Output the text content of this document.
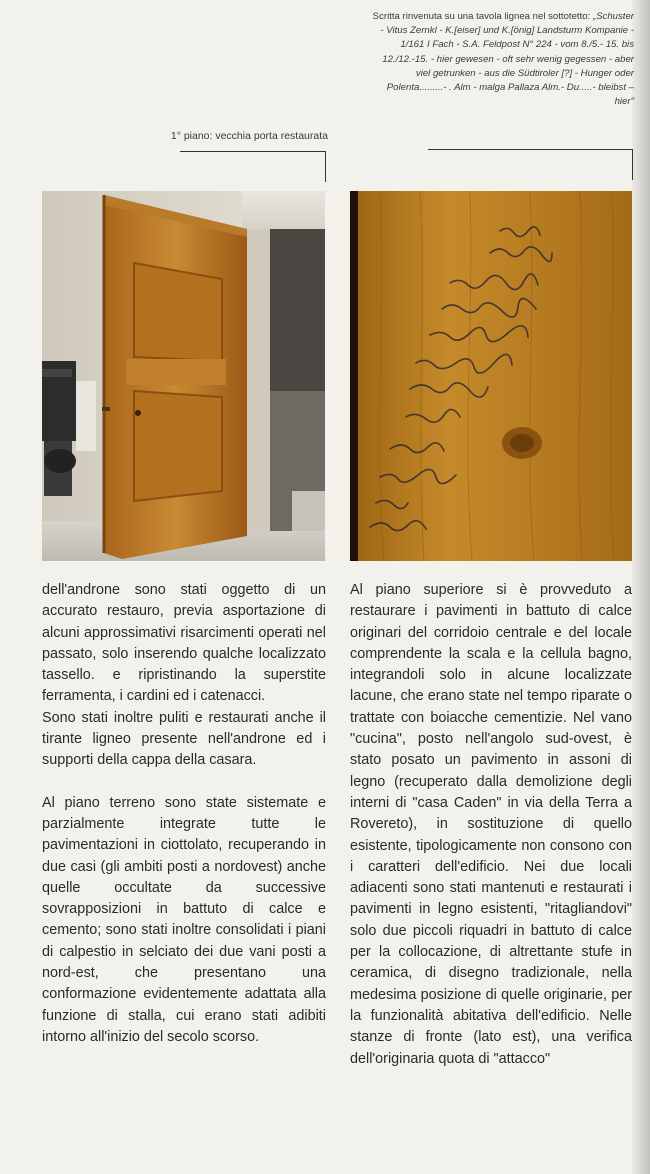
1° piano: vecchia porta restaurata
Scritta rinvenuta su una tavola lignea nel sottotetto: „Schuster - Vitus Zernkl - K.[eiser] und K.[önig] Landsturm Kompanie - 1/161 I Fach - S.A. Feldpost N° 224 - vom 8./5.- 15. bis 12./12.-15. - hier gewesen - oft sehr wenig gegessen - aber viel getrunken - aus die Südtiroler [?] - Hunger oder Polenta.........- . Alm - malga Pallaza Alm.- Du.....- bleibst – hier"

dell'androne sono stati oggetto di un accurato restauro, previa asportazione di alcuni approssimativi risarcimenti operati nel passato, solo inserendo qualche localizzato tassello. e ripristinando la superstite ferramenta, i cardini ed i catenacci.

Sono stati inoltre puliti e restaurati anche il tirante ligneo presente nell'androne ed i supporti della cappa della casara.

Al piano terreno sono state sistemate e parzialmente integrate tutte le pavimentazioni in ciottolato, recuperando in due casi (gli ambiti posti a nordovest) anche quelle occultate da successive sovrapposizioni in battuto di calce e cemento; sono stati inoltre consolidati i piani di calpestio in selciato dei due vani posti a nord-est, che presentano una conformazione evidentemente adattata alla funzione di stalla, cui erano stati adibiti intorno all'inizio del secolo scorso.

Al piano superiore si è provveduto a restaurare i pavimenti in battuto di calce originari del corridoio centrale e del locale comprendente la scala e la cellula bagno, integrandoli solo in alcune localizzate lacune, che erano state nel tempo riparate o trattate con boiacche cementizie. Nel vano "cucina", posto nell'angolo sud-ovest, è stato posato un pavimento in assoni di legno (recuperato dalla demolizione degli interni di "casa Caden" in via della Terra a Rovereto), in sostituzione di quello esistente, tipologicamente non consono con i caratteri dell'edificio. Nei due locali adiacenti sono stati mantenuti e restaurati i pavimenti in legno esistenti, "ritagliandovi" solo due piccoli riquadri in battuto di calce per la collocazione, di altrettante stufe in ceramica, di disegno tradizionale, nella medesima posizione di quelle originarie, per la funzionalità abitativa dell'edificio. Nelle stanze di fronte (lato est), una verifica dell'originaria quota di "attacco"
